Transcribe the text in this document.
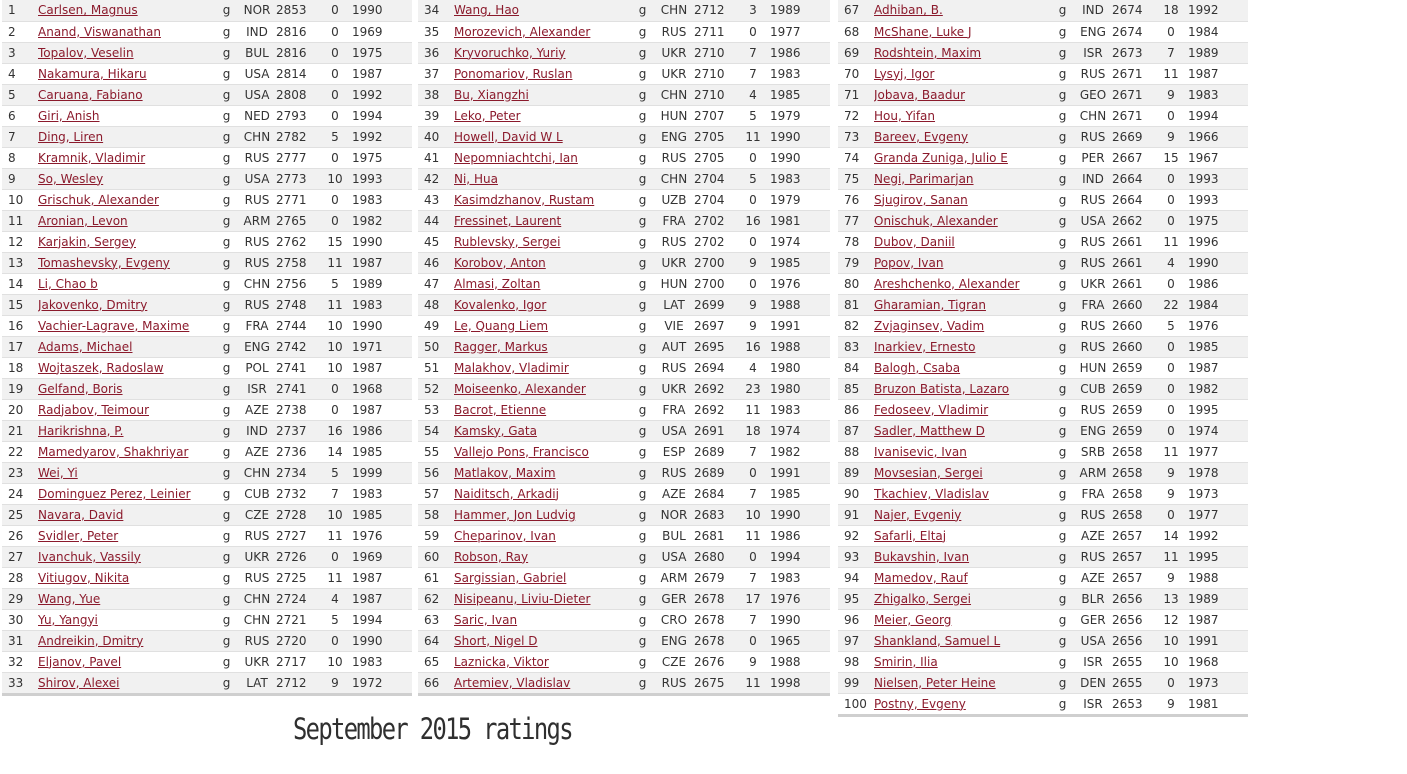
1	Carlsen, Magnus	g	NOR	2853	0	1990
2	Anand, Viswanathan	g	IND	2816	0	1969
3	Topalov, Veselin	g	BUL	2816	0	1975
4	Nakamura, Hikaru	g	USA	2814	0	1987
5	Caruana, Fabiano	g	USA	2808	0	1992
6	Giri, Anish	g	NED	2793	0	1994
7	Ding, Liren	g	CHN	2782	5	1992
8	Kramnik, Vladimir	g	RUS	2777	0	1975
9	So, Wesley	g	USA	2773	10	1993
10	Grischuk, Alexander	g	RUS	2771	0	1983
11	Aronian, Levon	g	ARM	2765	0	1982
12	Karjakin, Sergey	g	RUS	2762	15	1990
13	Tomashevsky, Evgeny	g	RUS	2758	11	1987
14	Li, Chao b	g	CHN	2756	5	1989
15	Jakovenko, Dmitry	g	RUS	2748	11	1983
16	Vachier-Lagrave, Maxime	g	FRA	2744	10	1990
17	Adams, Michael	g	ENG	2742	10	1971
18	Wojtaszek, Radoslaw	g	POL	2741	10	1987
19	Gelfand, Boris	g	ISR	2741	0	1968
20	Radjabov, Teimour	g	AZE	2738	0	1987
21	Harikrishna, P.	g	IND	2737	16	1986
22	Mamedyarov, Shakhriyar	g	AZE	2736	14	1985
23	Wei, Yi	g	CHN	2734	5	1999
24	Dominguez Perez, Leinier	g	CUB	2732	7	1983
25	Navara, David	g	CZE	2728	10	1985
26	Svidler, Peter	g	RUS	2727	11	1976
27	Ivanchuk, Vassily	g	UKR	2726	0	1969
28	Vitiugov, Nikita	g	RUS	2725	11	1987
29	Wang, Yue	g	CHN	2724	4	1987
30	Yu, Yangyi	g	CHN	2721	5	1994
31	Andreikin, Dmitry	g	RUS	2720	0	1990
32	Eljanov, Pavel	g	UKR	2717	10	1983
33	Shirov, Alexei	g	LAT	2712	9	1972
34	Wang, Hao	g	CHN	2712	3	1989
35	Morozevich, Alexander	g	RUS	2711	0	1977
36	Kryvoruchko, Yuriy	g	UKR	2710	7	1986
37	Ponomariov, Ruslan	g	UKR	2710	7	1983
38	Bu, Xiangzhi	g	CHN	2710	4	1985
39	Leko, Peter	g	HUN	2707	5	1979
40	Howell, David W L	g	ENG	2705	11	1990
41	Nepomniachtchi, Ian	g	RUS	2705	0	1990
42	Ni, Hua	g	CHN	2704	5	1983
43	Kasimdzhanov, Rustam	g	UZB	2704	0	1979
44	Fressinet, Laurent	g	FRA	2702	16	1981
45	Rublevsky, Sergei	g	RUS	2702	0	1974
46	Korobov, Anton	g	UKR	2700	9	1985
47	Almasi, Zoltan	g	HUN	2700	0	1976
48	Kovalenko, Igor	g	LAT	2699	9	1988
49	Le, Quang Liem	g	VIE	2697	9	1991
50	Ragger, Markus	g	AUT	2695	16	1988
51	Malakhov, Vladimir	g	RUS	2694	4	1980
52	Moiseenko, Alexander	g	UKR	2692	23	1980
53	Bacrot, Etienne	g	FRA	2692	11	1983
54	Kamsky, Gata	g	USA	2691	18	1974
55	Vallejo Pons, Francisco	g	ESP	2689	7	1982
56	Matlakov, Maxim	g	RUS	2689	0	1991
57	Naiditsch, Arkadij	g	AZE	2684	7	1985
58	Hammer, Jon Ludvig	g	NOR	2683	10	1990
59	Cheparinov, Ivan	g	BUL	2681	11	1986
60	Robson, Ray	g	USA	2680	0	1994
61	Sargissian, Gabriel	g	ARM	2679	7	1983
62	Nisipeanu, Liviu-Dieter	g	GER	2678	17	1976
63	Saric, Ivan	g	CRO	2678	7	1990
64	Short, Nigel D	g	ENG	2678	0	1965
65	Laznicka, Viktor	g	CZE	2676	9	1988
66	Artemiev, Vladislav	g	RUS	2675	11	1998
67	Adhiban, B.	g	IND	2674	18	1992
68	McShane, Luke J	g	ENG	2674	0	1984
69	Rodshtein, Maxim	g	ISR	2673	7	1989
70	Lysyj, Igor	g	RUS	2671	11	1987
71	Jobava, Baadur	g	GEO	2671	9	1983
72	Hou, Yifan	g	CHN	2671	0	1994
73	Bareev, Evgeny	g	RUS	2669	9	1966
74	Granda Zuniga, Julio E	g	PER	2667	15	1967
75	Negi, Parimarjan	g	IND	2664	0	1993
76	Sjugirov, Sanan	g	RUS	2664	0	1993
77	Onischuk, Alexander	g	USA	2662	0	1975
78	Dubov, Daniil	g	RUS	2661	11	1996
79	Popov, Ivan	g	RUS	2661	4	1990
80	Areshchenko, Alexander	g	UKR	2661	0	1986
81	Gharamian, Tigran	g	FRA	2660	22	1984
82	Zvjaginsev, Vadim	g	RUS	2660	5	1976
83	Inarkiev, Ernesto	g	RUS	2660	0	1985
84	Balogh, Csaba	g	HUN	2659	0	1987
85	Bruzon Batista, Lazaro	g	CUB	2659	0	1982
86	Fedoseev, Vladimir	g	RUS	2659	0	1995
87	Sadler, Matthew D	g	ENG	2659	0	1974
88	Ivanisevic, Ivan	g	SRB	2658	11	1977
89	Movsesian, Sergei	g	ARM	2658	9	1978
90	Tkachiev, Vladislav	g	FRA	2658	9	1973
91	Najer, Evgeniy	g	RUS	2658	0	1977
92	Safarli, Eltaj	g	AZE	2657	14	1992
93	Bukavshin, Ivan	g	RUS	2657	11	1995
94	Mamedov, Rauf	g	AZE	2657	9	1988
95	Zhigalko, Sergei	g	BLR	2656	13	1989
96	Meier, Georg	g	GER	2656	12	1987
97	Shankland, Samuel L	g	USA	2656	10	1991
98	Smirin, Ilia	g	ISR	2655	10	1968
99	Nielsen, Peter Heine	g	DEN	2655	0	1973
100	Postny, Evgeny	g	ISR	2653	9	1981
September 2015 ratings
